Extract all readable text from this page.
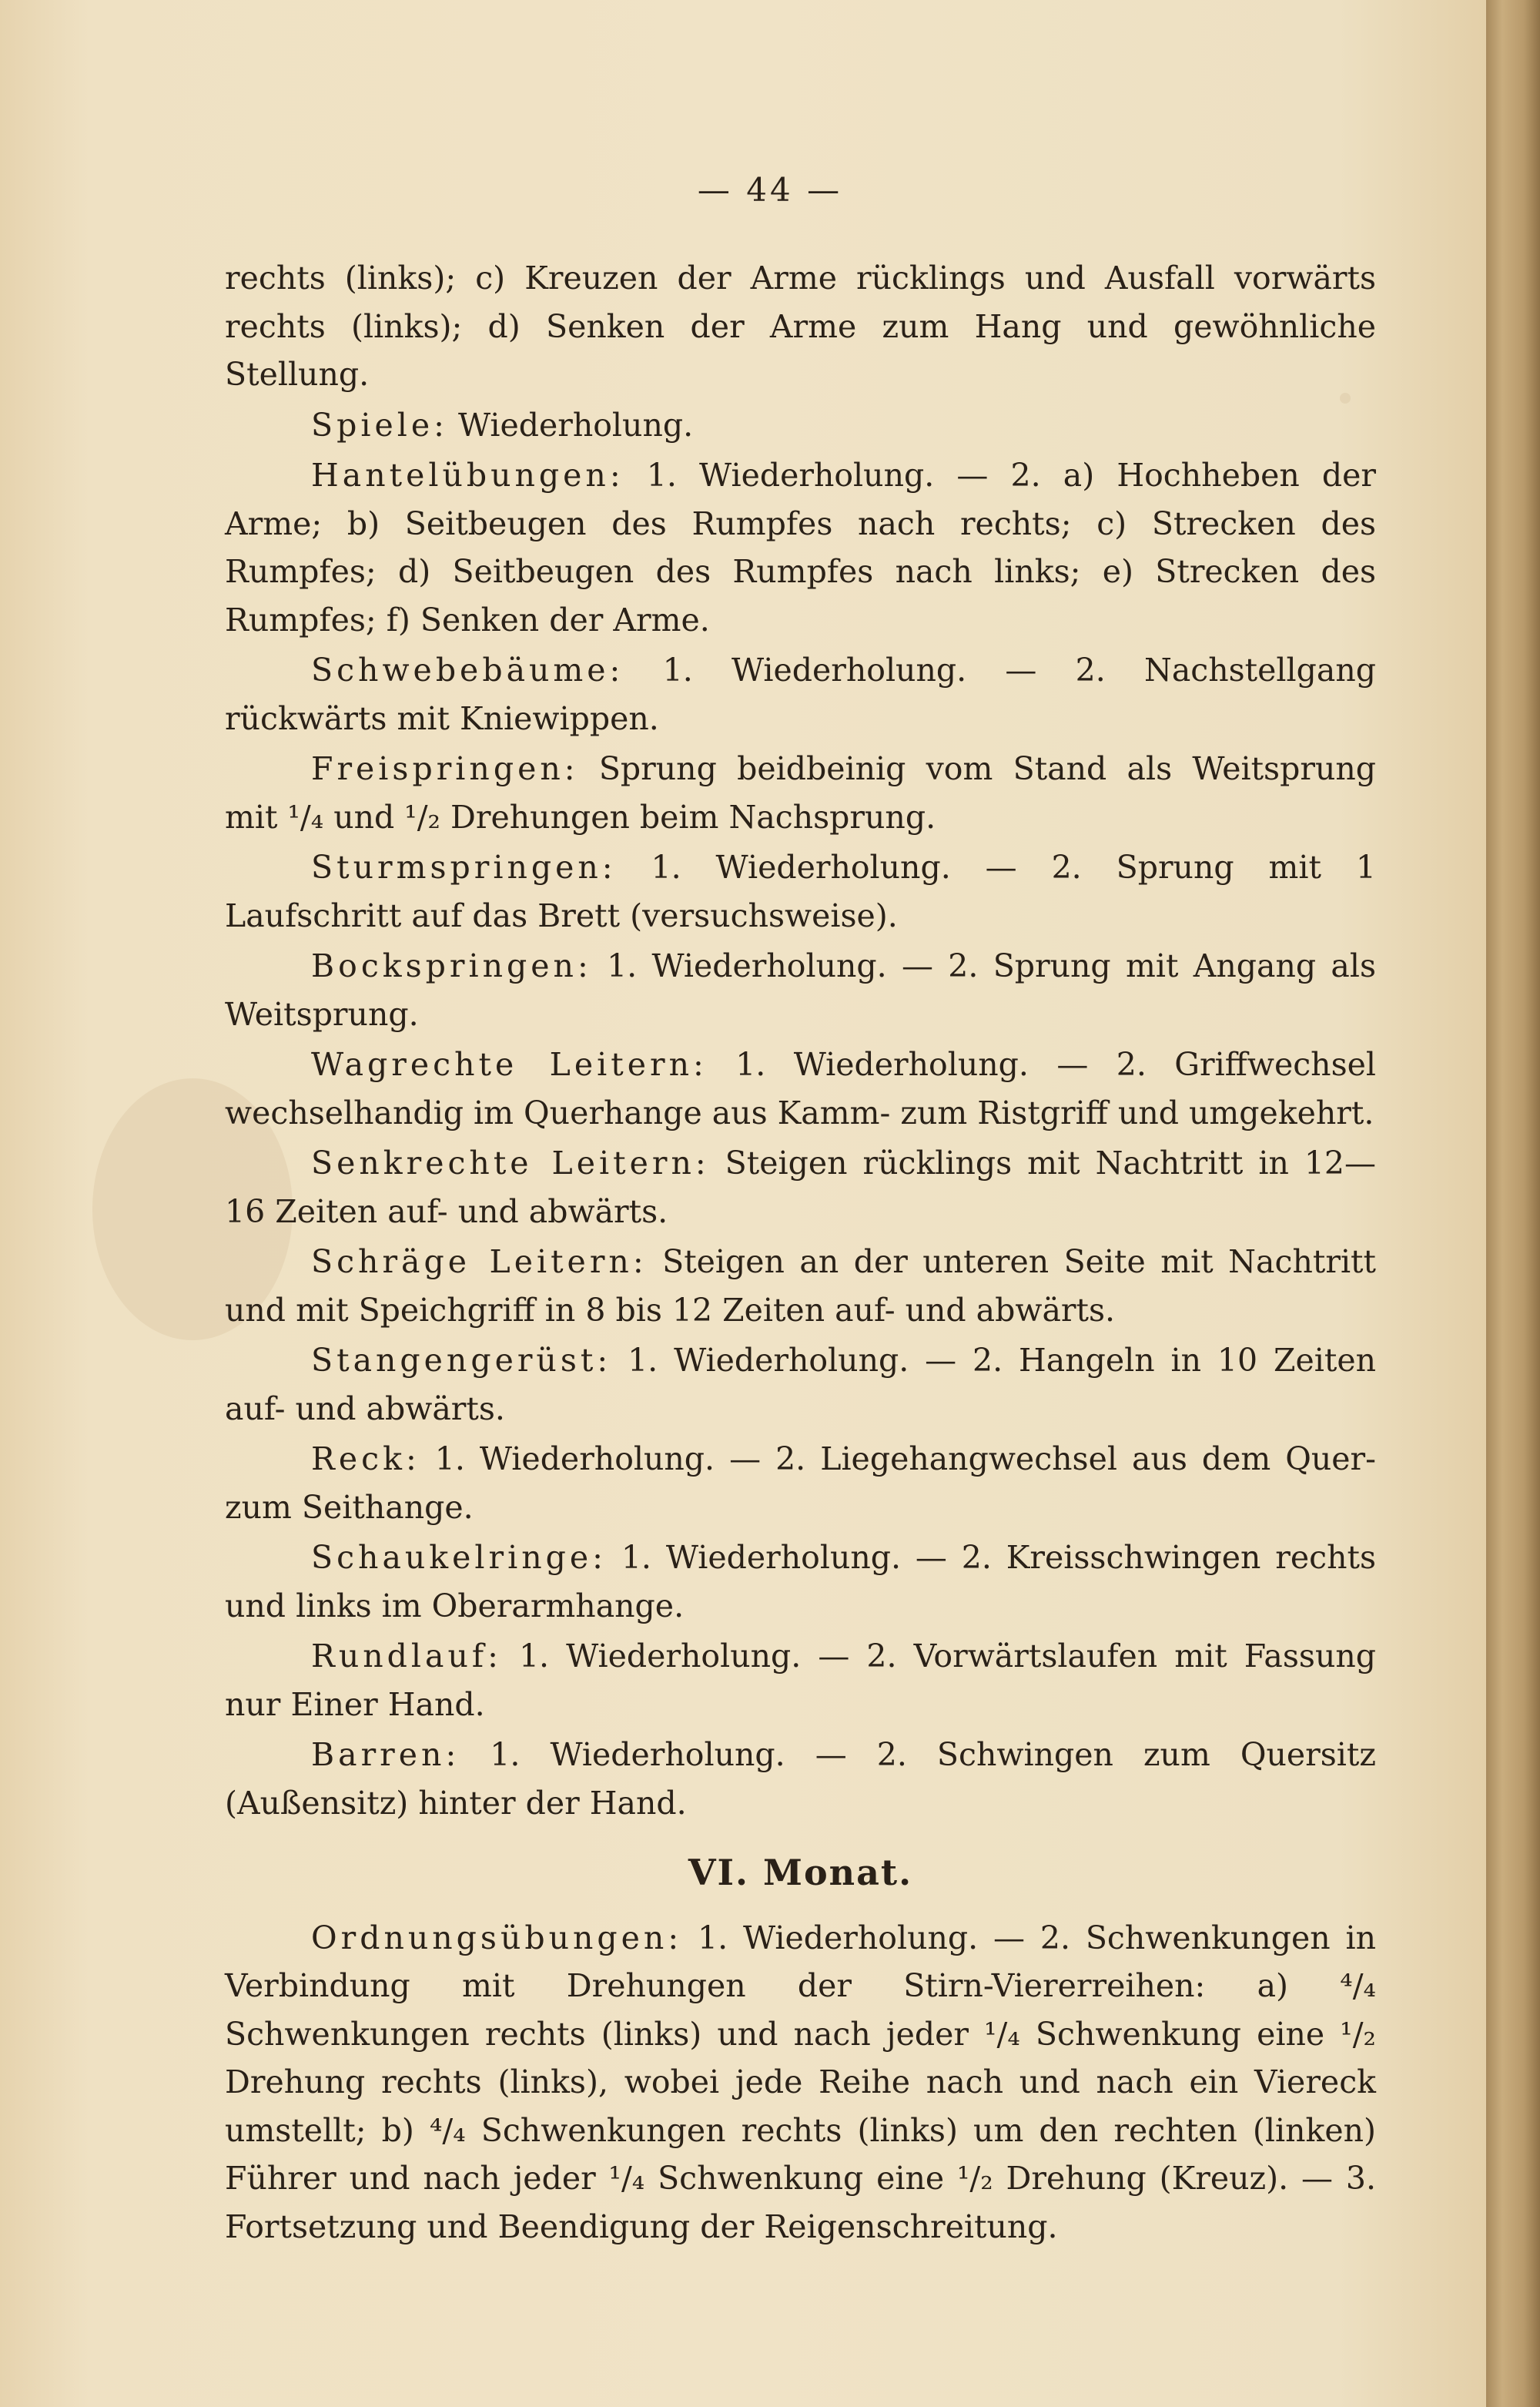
— 44 —

rechts (links); c) Kreuzen der Arme rücklings und Ausfall vorwärts rechts (links); d) Senken der Arme zum Hang und gewöhnliche Stellung.

Spiele: Wiederholung.

Hantelübungen: 1. Wiederholung. — 2. a) Hochheben der Arme; b) Seitbeugen des Rumpfes nach rechts; c) Strecken des Rumpfes; d) Seitbeugen des Rumpfes nach links; e) Strecken des Rumpfes; f) Senken der Arme.

Schwebebäume: 1. Wiederholung. — 2. Nachstellgang rückwärts mit Kniewippen.

Freispringen: Sprung beidbeinig vom Stand als Weitsprung mit ¹/₄ und ¹/₂ Drehungen beim Nachsprung.

Sturmspringen: 1. Wiederholung. — 2. Sprung mit 1 Laufschritt auf das Brett (versuchsweise).

Bockspringen: 1. Wiederholung. — 2. Sprung mit Angang als Weitsprung.

Wagrechte Leitern: 1. Wiederholung. — 2. Griffwechsel wechselhandig im Querhange aus Kamm- zum Ristgriff und umgekehrt.

Senkrechte Leitern: Steigen rücklings mit Nachtritt in 12—16 Zeiten auf- und abwärts.

Schräge Leitern: Steigen an der unteren Seite mit Nachtritt und mit Speichgriff in 8 bis 12 Zeiten auf- und abwärts.

Stangengerüst: 1. Wiederholung. — 2. Hangeln in 10 Zeiten auf- und abwärts.

Reck: 1. Wiederholung. — 2. Liegehangwechsel aus dem Quer- zum Seithange.

Schaukelringe: 1. Wiederholung. — 2. Kreisschwingen rechts und links im Oberarmhange.

Rundlauf: 1. Wiederholung. — 2. Vorwärtslaufen mit Fassung nur Einer Hand.

Barren: 1. Wiederholung. — 2. Schwingen zum Quersitz (Außensitz) hinter der Hand.

VI. Monat.

Ordnungsübungen: 1. Wiederholung. — 2. Schwenkungen in Verbindung mit Drehungen der Stirn-Viererreihen: a) ⁴/₄ Schwenkungen rechts (links) und nach jeder ¹/₄ Schwenkung eine ¹/₂ Drehung rechts (links), wobei jede Reihe nach und nach ein Viereck umstellt; b) ⁴/₄ Schwenkungen rechts (links) um den rechten (linken) Führer und nach jeder ¹/₄ Schwenkung eine ¹/₂ Drehung (Kreuz). — 3. Fortsetzung und Beendigung der Reigenschreitung.
